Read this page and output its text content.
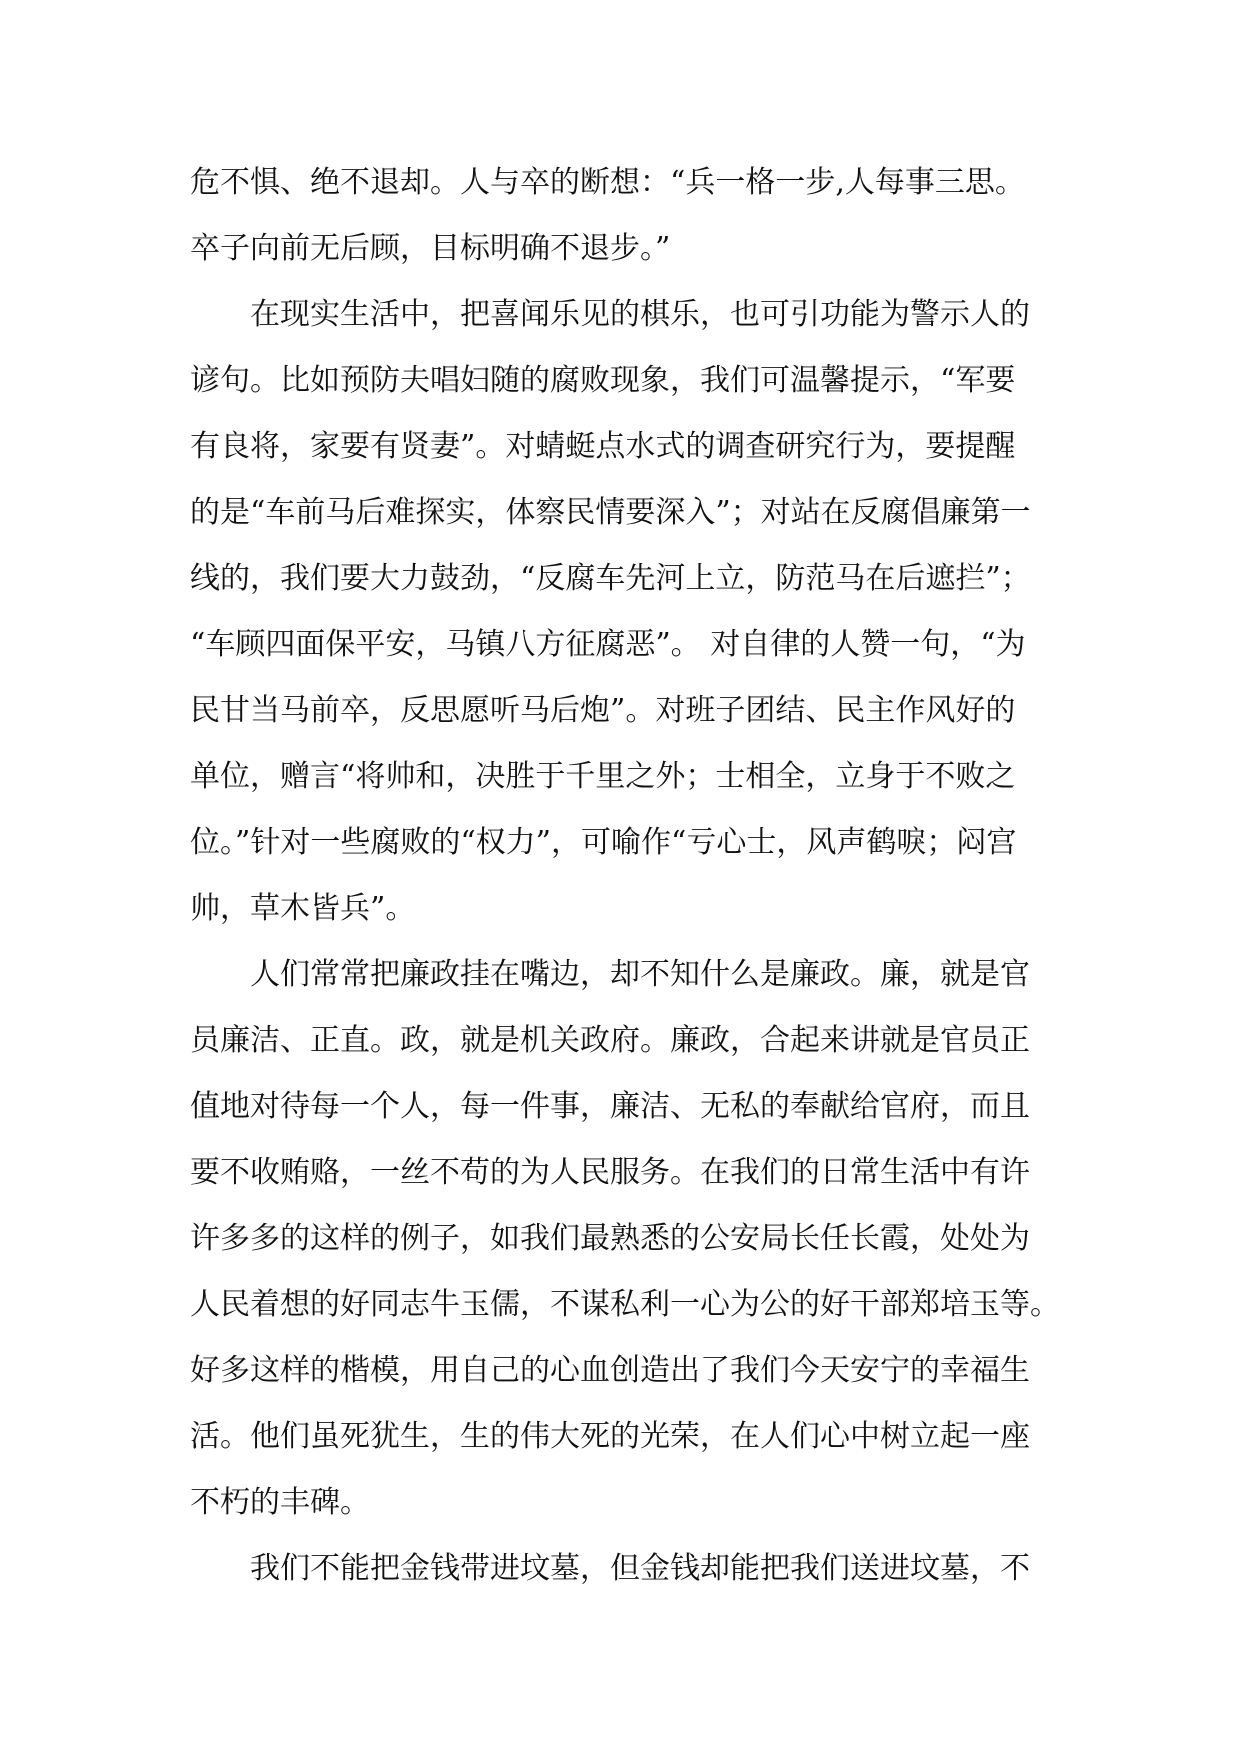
危不惧、绝不退却。人与卒的断想：“兵一格一步,人每事三思。
卒子向前无后顾，目标明确不退步。”
　　在现实生活中，把喜闻乐见的棋乐，也可引功能为警示人的
谚句。比如预防夫唱妇随的腐败现象，我们可温馨提示，“军要
有良将，家要有贤妻”。对蜻蜓点水式的调查研究行为，要提醒
的是“车前马后难探实，体察民情要深入”；对站在反腐倡廉第一
线的，我们要大力鼓劲，“反腐车先河上立，防范马在后遮拦”；
“车顾四面保平安，马镇八方征腐恶”。 对自律的人赞一句，“为
民甘当马前卒，反思愿听马后炮”。对班子团结、民主作风好的
单位，赠言“将帅和，决胜于千里之外；士相全，立身于不败之
位。”针对一些腐败的“权力”，可喻作“亏心士，风声鹤唳；闷宫
帅，草木皆兵”。
　　人们常常把廉政挂在嘴边，却不知什么是廉政。廉，就是官
员廉洁、正直。政，就是机关政府。廉政，合起来讲就是官员正
值地对待每一个人，每一件事，廉洁、无私的奉献给官府，而且
要不收贿赂，一丝不苟的为人民服务。在我们的日常生活中有许
许多多的这样的例子，如我们最熟悉的公安局长任长霞，处处为
人民着想的好同志牛玉儒，不谋私利一心为公的好干部郑培玉等。
好多这样的楷模，用自己的心血创造出了我们今天安宁的幸福生
活。他们虽死犹生，生的伟大死的光荣，在人们心中树立起一座
不朽的丰碑。
　　我们不能把金钱带进坟墓，但金钱却能把我们送进坟墓，不
